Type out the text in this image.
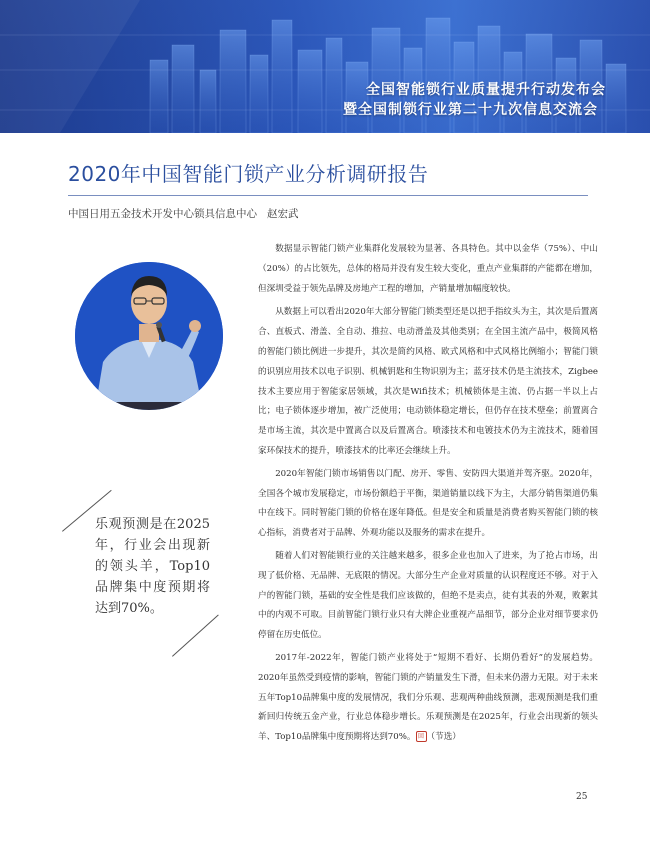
全国智能锁行业质量提升行动发布会
暨全国制锁行业第二十九次信息交流会
2020年中国智能门锁产业分析调研报告
中国日用五金技术开发中心锁具信息中心 赵宏武
乐观预测是在2025年，行业会出现新的领头羊，Top10品牌集中度预期将达到70%。

数据显示智能门锁产业集群化发展较为显著、各具特色。其中以金华（75%）、中山（20%）的占比领先，总体的格局并没有发生较大变化，重点产业集群的产能都在增加，但深圳受益于领先品牌及房地产工程的增加，产销量增加幅度较快。

从数据上可以看出2020年大部分智能门锁类型还是以把手指纹头为主，其次是后置离合、直板式、滑盖、全自动、推拉、电动滑盖及其他类别；在全国主流产品中，极简风格的智能门锁比例进一步提升，其次是简约风格、欧式风格和中式风格比例缩小；智能门锁的识别应用技术以电子识别、机械钥匙和生物识别为主；蓝牙技术仍是主流技术，Zigbee技术主要应用于智能家居领域，其次是Wifi技术；机械锁体是主流、仍占据一半以上占比；电子锁体逐步增加，被广泛使用；电动锁体稳定增长，但仍存在技术壁垒；前置离合是市场主流，其次是中置离合以及后置离合。喷漆技术和电镀技术仍为主流技术，随着国家环保技术的提升，喷漆技术的比率还会继续上升。

2020年智能门锁市场销售以门配、房开、零售、安防四大渠道并驾齐驱。2020年，全国各个城市发展稳定，市场份额趋于平衡，渠道销量以线下为主，大部分销售渠道仍集中在线下。同时智能门锁的价格在逐年降低。但是安全和质量是消费者购买智能门锁的核心指标，消费者对于品牌、外观功能以及服务的需求在提升。

随着人们对智能锁行业的关注越来越多，很多企业也加入了进来，为了抢占市场，出现了低价格、无品牌、无底限的情况。大部分生产企业对质量的认识程度还不够。对于入户的智能门锁，基础的安全性是我们应该做的，但绝不是卖点，徒有其表的外观，败絮其中的内观不可取。目前智能门锁行业只有大牌企业重视产品细节，部分企业对细节要求仍停留在历史低位。

2017年-2022年，智能门锁产业将处于“短期不看好、长期仍看好”的发展趋势。2020年虽然受到疫情的影响，智能门锁的产销量发生下滑，但未来仍潜力无限。对于未来五年Top10品牌集中度的发展情况，我们分乐观、悲观两种曲线预测，悲观预测是我们重新回归传统五金产业，行业总体稳步增长。乐观预测是在2025年，行业会出现新的领头羊、Top10品牌集中度预期将达到70%。 回 （节选）

25
